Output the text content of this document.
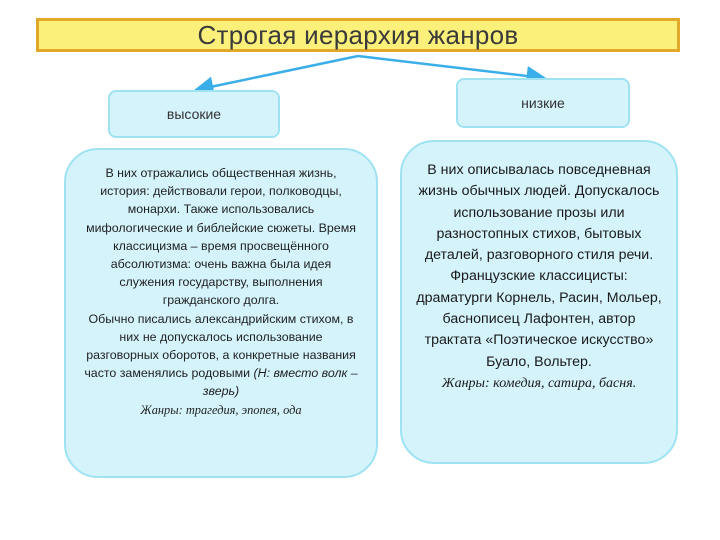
Строгая иерархия жанров
высокие
низкие

В них отражались общественная жизнь, история: действовали герои, полководцы, монархи. Также использовались мифологические и библейские сюжеты. Время классицизма – время просвещённого абсолютизма: очень важна была идея служения государству, выполнения гражданского долга.

Обычно писались александрийским стихом, в них не допускалось использование разговорных оборотов, а конкретные названия часто заменялись родовыми (Н: вместо волк – зверь)

Жанры: трагедия, эпопея, ода

В них описывалась повседневная жизнь обычных людей. Допускалось использование прозы или разностопных стихов, бытовых деталей, разговорного стиля речи.

Французские классицисты: драматурги Корнель, Расин, Мольер, баснописец Лафонтен, автор трактата «Поэтическое искусство» Буало, Вольтер.

Жанры: комедия, сатира, басня.
